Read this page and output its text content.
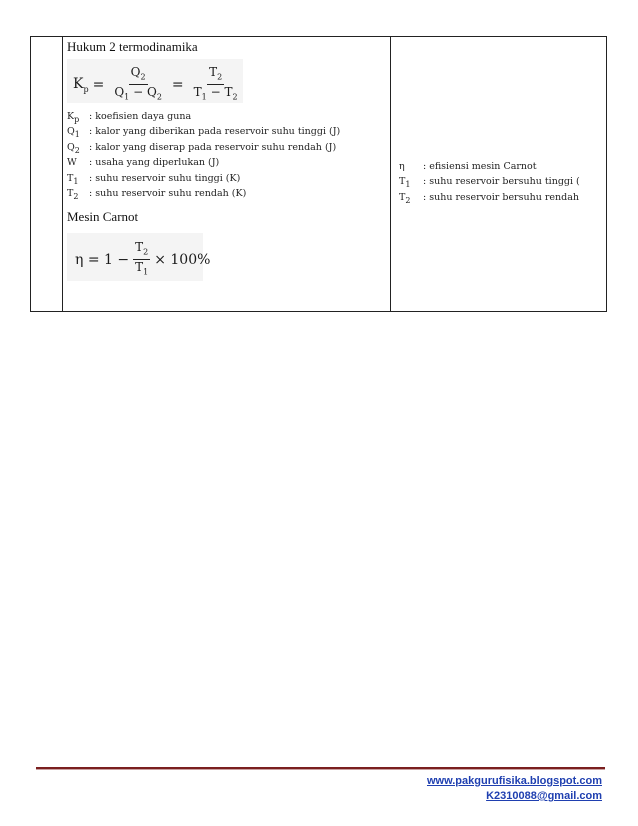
Hukum 2 termodinamika
$K_p = \frac{Q_2}{Q_1 - Q_2} = \frac{T_2}{T_1 - T_2}$
$K_p$	: koefisien daya guna
$Q_1$ : kalor yang diberikan pada reservoir suhu tinggi (J)
$Q_2$ : kalor yang diserap pada reservoir suhu rendah (J)
W	: usaha yang diperlukan (J)
$T_1$	: suhu reservoir suhu tinggi (K)
$T_2$	: suhu reservoir suhu rendah (K)
Mesin Carnot
$\eta = 1 - \frac{T_2}{T_1} \times 100\%$
η	: efisiensi mesin Carnot
$T_1$	: suhu reservoir bersuhu tinggi (
$T_2$	: suhu reservoir bersuhu rendah
www.pakgurufisika.blogspot.com
K2310088@gmail.com
